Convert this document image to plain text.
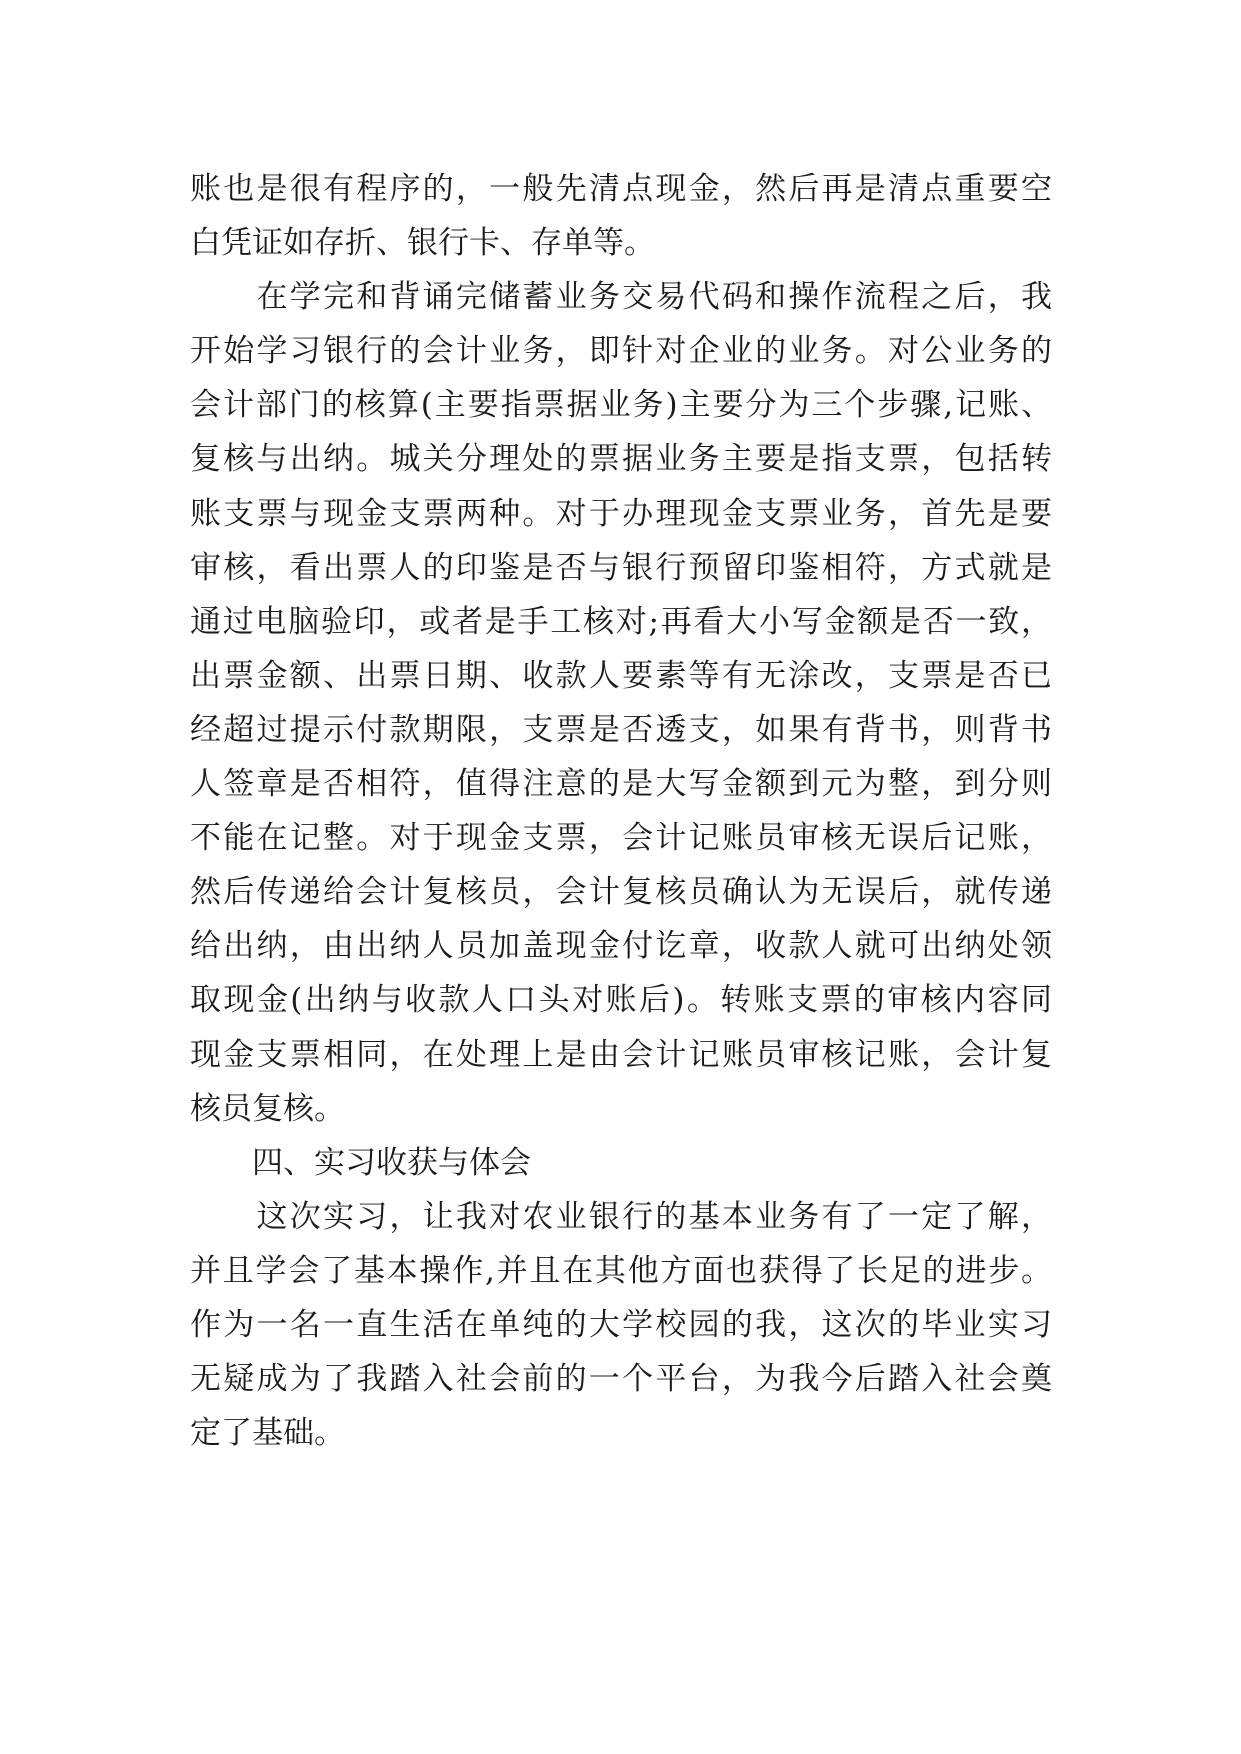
账也是很有程序的，一般先清点现金，然后再是清点重要空
白凭证如存折、银行卡、存单等。
　　在学完和背诵完储蓄业务交易代码和操作流程之后，我
开始学习银行的会计业务，即针对企业的业务。对公业务的
会计部门的核算(主要指票据业务)主要分为三个步骤,记账、
复核与出纳。城关分理处的票据业务主要是指支票，包括转
账支票与现金支票两种。对于办理现金支票业务，首先是要
审核，看出票人的印鉴是否与银行预留印鉴相符，方式就是
通过电脑验印，或者是手工核对;再看大小写金额是否一致，
出票金额、出票日期、收款人要素等有无涂改，支票是否已
经超过提示付款期限，支票是否透支，如果有背书，则背书
人签章是否相符，值得注意的是大写金额到元为整，到分则
不能在记整。对于现金支票，会计记账员审核无误后记账，
然后传递给会计复核员，会计复核员确认为无误后，就传递
给出纳，由出纳人员加盖现金付讫章，收款人就可出纳处领
取现金(出纳与收款人口头对账后)。转账支票的审核内容同
现金支票相同，在处理上是由会计记账员审核记账，会计复
核员复核。
　　四、实习收获与体会
　　这次实习，让我对农业银行的基本业务有了一定了解，
并且学会了基本操作,并且在其他方面也获得了长足的进步。
作为一名一直生活在单纯的大学校园的我，这次的毕业实习
无疑成为了我踏入社会前的一个平台，为我今后踏入社会奠
定了基础。
